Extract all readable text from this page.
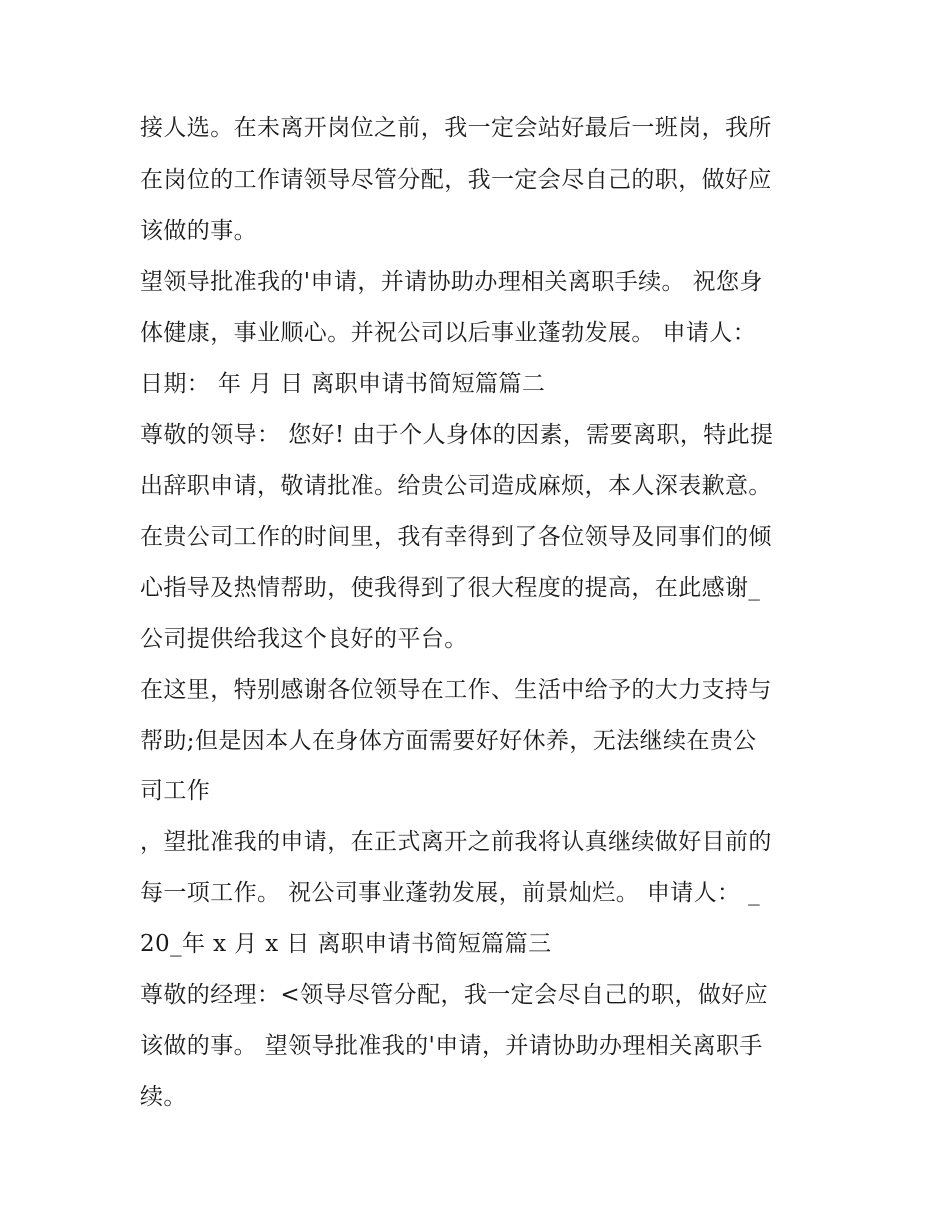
接人选。在未离开岗位之前，我一定会站好最后一班岗，我所

在岗位的工作请领导尽管分配，我一定会尽自己的职，做好应

该做的事。

望领导批准我的'申请，并请协助办理相关离职手续。 祝您身

体健康，事业顺心。并祝公司以后事业蓬勃发展。 申请人：

日期： 年 月 日 离职申请书简短篇篇二

尊敬的领导： 您好! 由于个人身体的因素，需要离职，特此提

出辞职申请，敬请批准。给贵公司造成麻烦，本人深表歉意。

在贵公司工作的时间里，我有幸得到了各位领导及同事们的倾

心指导及热情帮助，使我得到了很大程度的提高，在此感谢_

公司提供给我这个良好的平台。

在这里，特别感谢各位领导在工作、生活中给予的大力支持与

帮助;但是因本人在身体方面需要好好休养，无法继续在贵公

司工作

，望批准我的申请，在正式离开之前我将认真继续做好目前的

每一项工作。 祝公司事业蓬勃发展，前景灿烂。 申请人： _

20_年 x 月 x 日 离职申请书简短篇篇三

尊敬的经理：<领导尽管分配，我一定会尽自己的职，做好应

该做的事。 望领导批准我的'申请，并请协助办理相关离职手

续。
